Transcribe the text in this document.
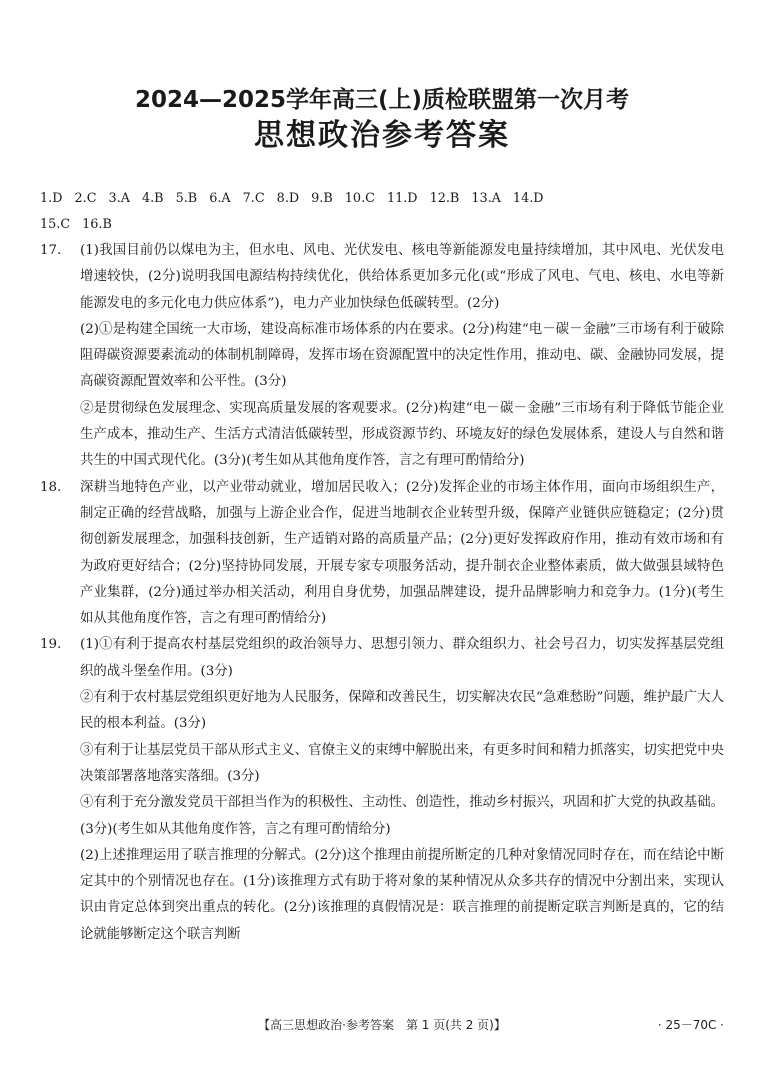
2024—2025学年高三(上)质检联盟第一次月考
思想政治参考答案
1.D 2.C 3.A 4.B 5.B 6.A 7.C 8.D 9.B 10.C 11.D 12.B 13.A 14.D
15.C 16.B
17. (1)我国目前仍以煤电为主，但水电、风电、光伏发电、核电等新能源发电量持续增加，其中风电、光伏发电增速较快，(2分)说明我国电源结构持续优化，供给体系更加多元化(或“形成了风电、气电、核电、水电等新能源发电的多元化电力供应体系”)，电力产业加快绿色低碳转型。(2分)

(2)①是构建全国统一大市场，建设高标准市场体系的内在要求。(2分)构建“电－碳－金融”三市场有利于破除阻碍碳资源要素流动的体制机制障碍，发挥市场在资源配置中的决定性作用，推动电、碳、金融协同发展，提高碳资源配置效率和公平性。(3分)

②是贯彻绿色发展理念、实现高质量发展的客观要求。(2分)构建“电－碳－金融”三市场有利于降低节能企业生产成本，推动生产、生活方式清洁低碳转型，形成资源节约、环境友好的绿色发展体系，建设人与自然和谐共生的中国式现代化。(3分)(考生如从其他角度作答，言之有理可酌情给分)

18. 深耕当地特色产业，以产业带动就业，增加居民收入；(2分)发挥企业的市场主体作用，面向市场组织生产，制定正确的经营战略，加强与上游企业合作，促进当地制衣企业转型升级，保障产业链供应链稳定；(2分)贯彻创新发展理念，加强科技创新，生产适销对路的高质量产品；(2分)更好发挥政府作用，推动有效市场和有为政府更好结合；(2分)坚持协同发展，开展专家专项服务活动，提升制衣企业整体素质，做大做强县域特色产业集群，(2分)通过举办相关活动，利用自身优势，加强品牌建设，提升品牌影响力和竞争力。(1分)(考生如从其他角度作答，言之有理可酌情给分)

19. (1)①有利于提高农村基层党组织的政治领导力、思想引领力、群众组织力、社会号召力，切实发挥基层党组织的战斗堡垒作用。(3分)

②有利于农村基层党组织更好地为人民服务，保障和改善民生，切实解决农民“急难愁盼”问题，维护最广大人民的根本利益。(3分)

③有利于让基层党员干部从形式主义、官僚主义的束缚中解脱出来，有更多时间和精力抓落实，切实把党中央决策部署落地落实落细。(3分)

④有利于充分激发党员干部担当作为的积极性、主动性、创造性，推动乡村振兴，巩固和扩大党的执政基础。(3分)(考生如从其他角度作答，言之有理可酌情给分)

(2)上述推理运用了联言推理的分解式。(2分)这个推理由前提所断定的几种对象情况同时存在，而在结论中断定其中的个别情况也存在。(1分)该推理方式有助于将对象的某种情况从众多共存的情况中分割出来，实现认识由肯定总体到突出重点的转化。(2分)该推理的真假情况是：联言推理的前提断定联言判断是真的，它的结论就能够断定这个联言判断

【高三思想政治·参考答案　第 1 页(共 2 页)】	· 25－70C ·
